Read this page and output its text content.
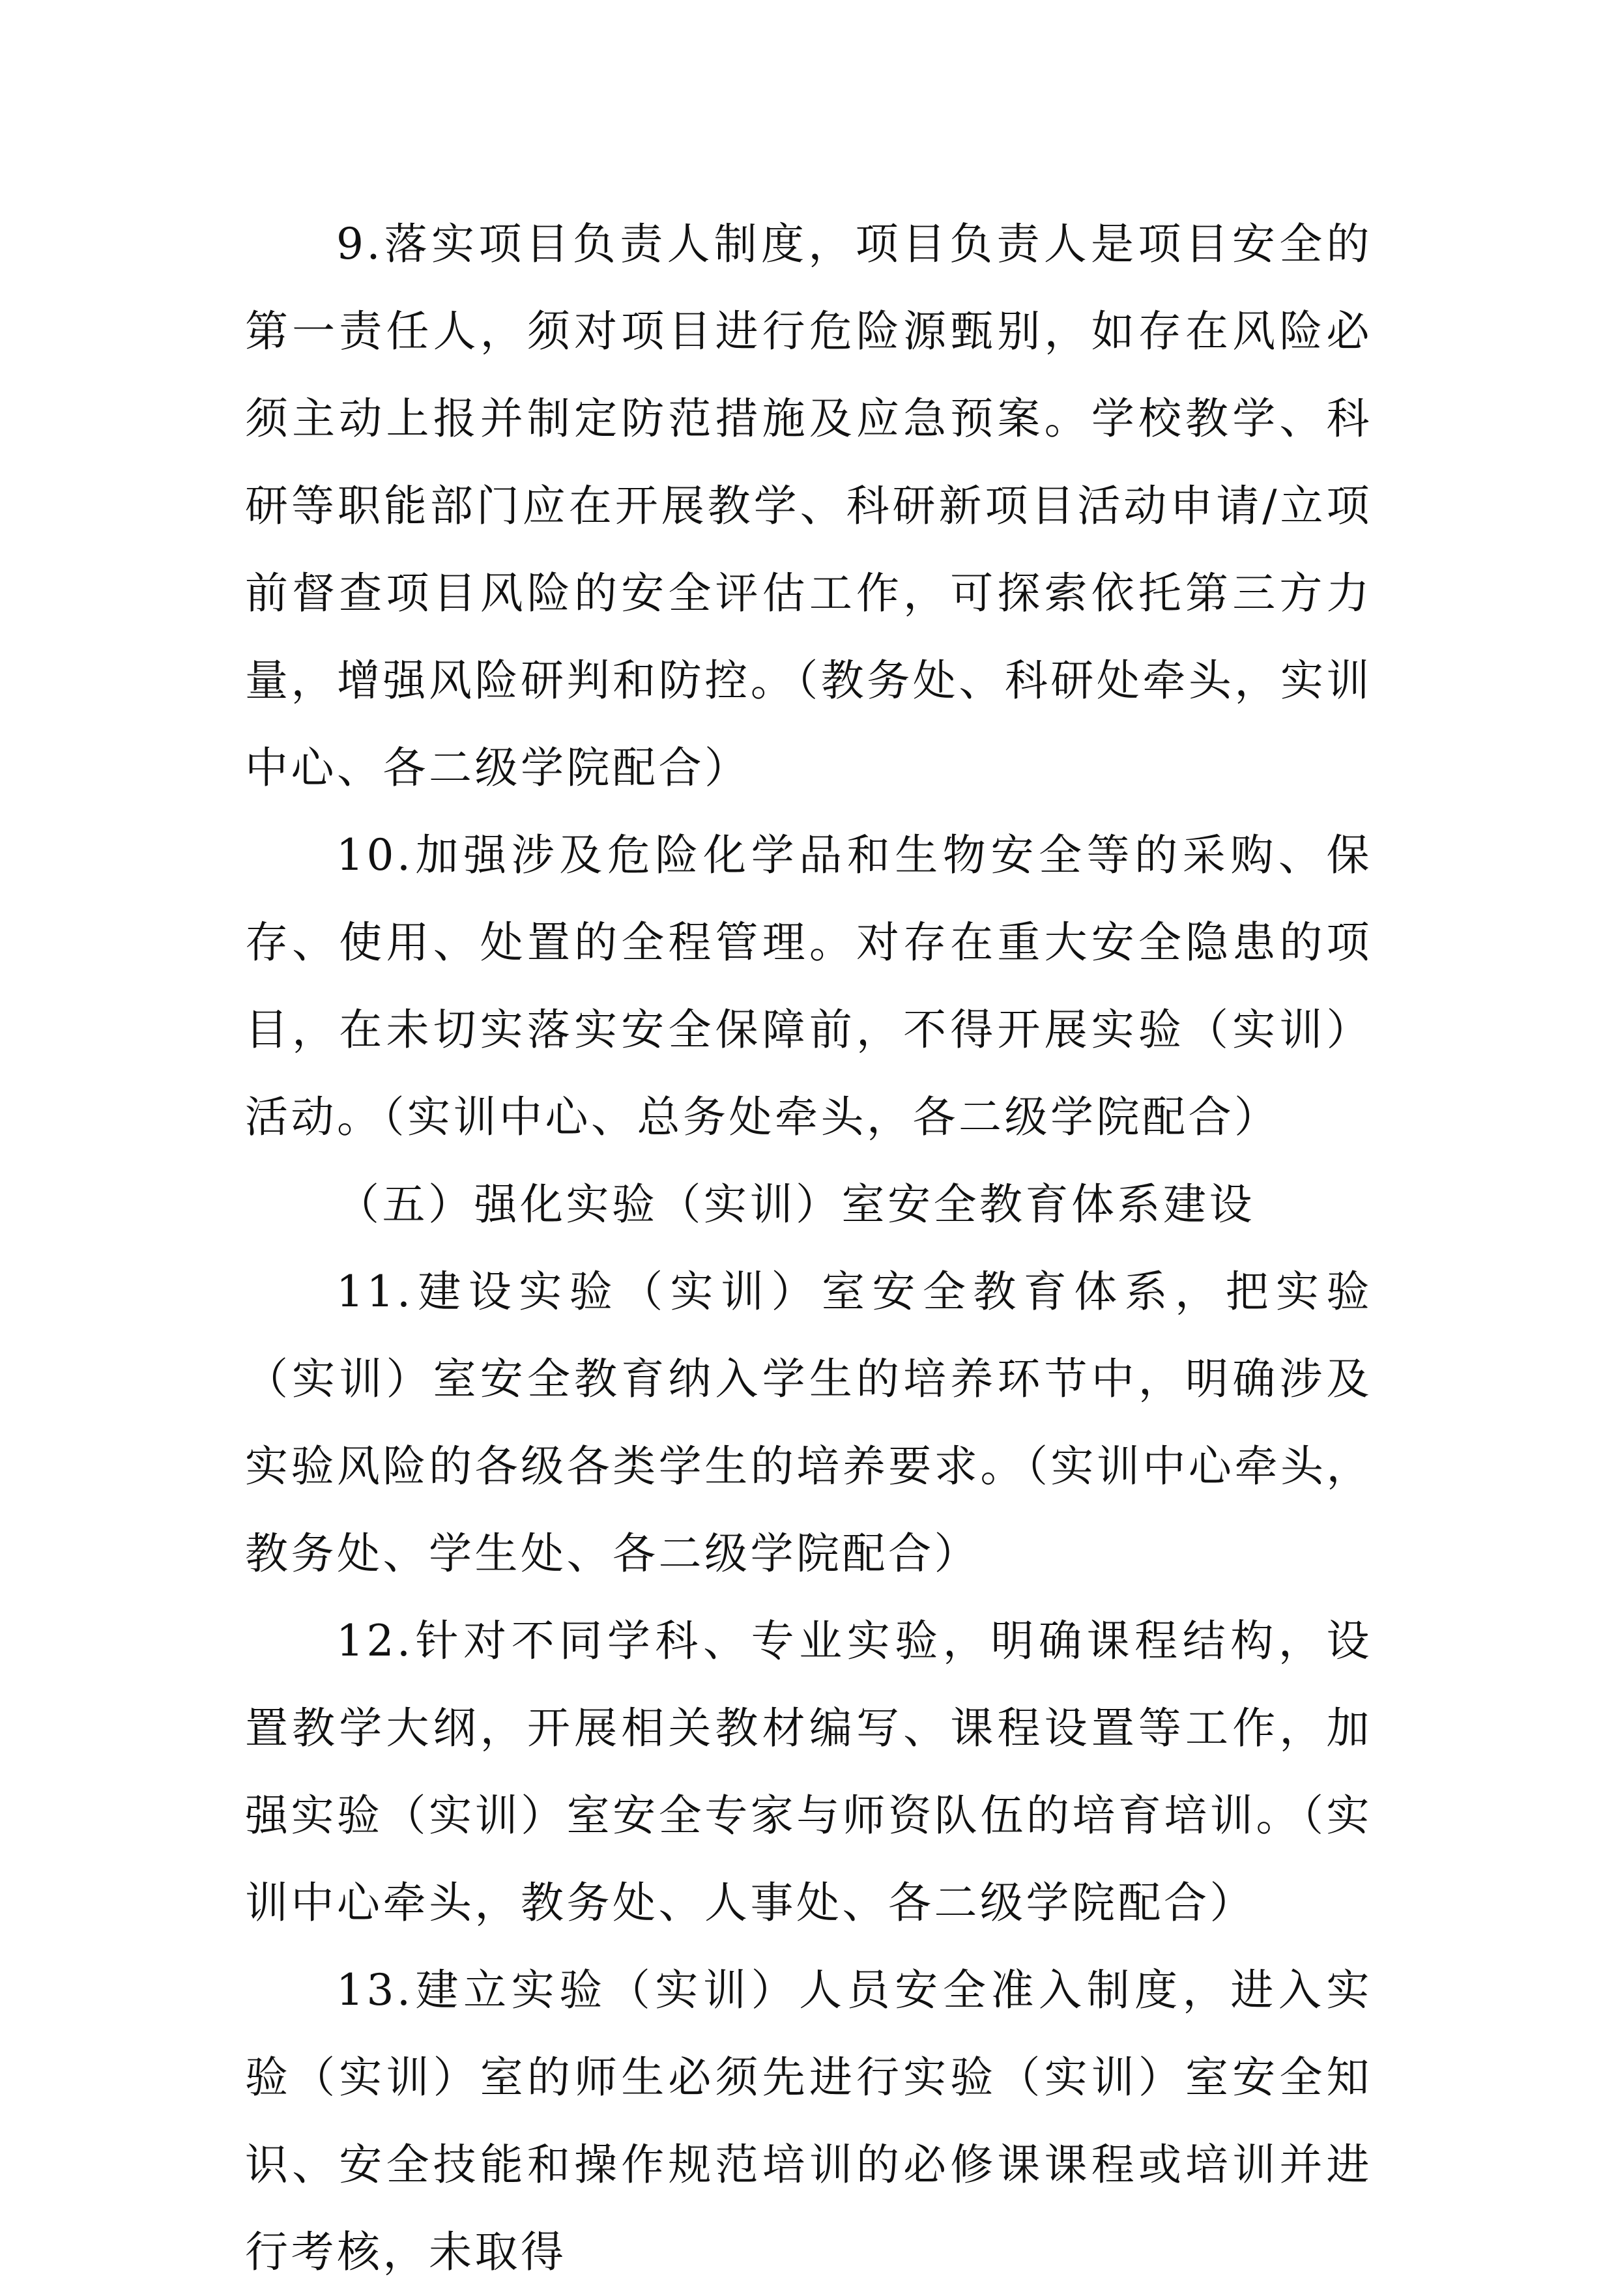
9.落实项目负责人制度，项目负责人是项目安全的第一责任人，须对项目进行危险源甄别，如存在风险必须主动上报并制定防范措施及应急预案。学校教学、科研等职能部门应在开展教学、科研新项目活动申请/立项前督查项目风险的安全评估工作，可探索依托第三方力量，增强风险研判和防控。（教务处、科研处牵头，实训中心、各二级学院配合）

10.加强涉及危险化学品和生物安全等的采购、保存、使用、处置的全程管理。对存在重大安全隐患的项目，在未切实落实安全保障前，不得开展实验（实训）活动。（实训中心、总务处牵头，各二级学院配合）

（五）强化实验（实训）室安全教育体系建设

11.建设实验（实训）室安全教育体系，把实验（实训）室安全教育纳入学生的培养环节中，明确涉及实验风险的各级各类学生的培养要求。（实训中心牵头，教务处、学生处、各二级学院配合）

12.针对不同学科、专业实验，明确课程结构，设置教学大纲，开展相关教材编写、课程设置等工作，加强实验（实训）室安全专家与师资队伍的培育培训。（实训中心牵头，教务处、人事处、各二级学院配合）

13.建立实验（实训）人员安全准入制度，进入实验（实训）室的师生必须先进行实验（实训）室安全知识、安全技能和操作规范培训的必修课课程或培训并进行考核，未取得
